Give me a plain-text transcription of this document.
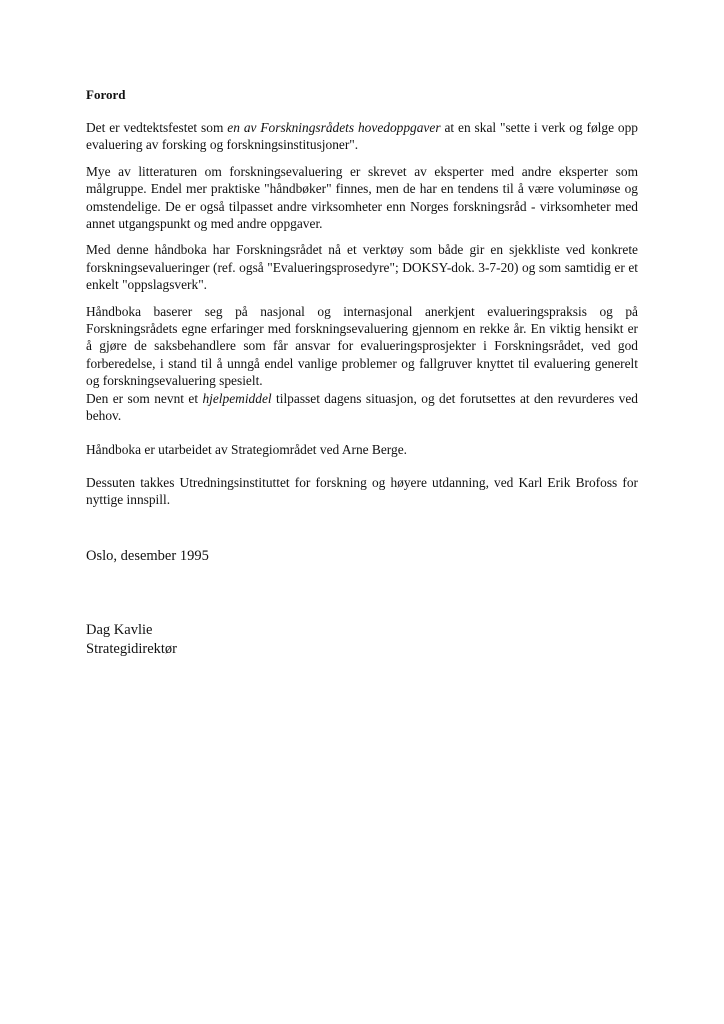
Forord

Det er vedtektsfestet som en av Forskningsrådets hovedoppgaver at en skal "sette i verk og følge opp evaluering av forsking og forskningsinstitusjoner".

Mye av litteraturen om forskningsevaluering er skrevet av eksperter med andre eksperter som målgruppe. Endel mer praktiske "håndbøker" finnes, men de har en tendens til å være voluminøse og omstendelige. De er også tilpasset andre virksomheter enn Norges forskningsråd - virksomheter med annet utgangspunkt og med andre oppgaver.

Med denne håndboka har Forskningsrådet nå et verktøy som både gir en sjekkliste ved konkrete forskningsevalueringer (ref. også "Evalueringsprosedyre"; DOKSY-dok. 3-7-20) og som samtidig er et enkelt "oppslagsverk".

Håndboka baserer seg på nasjonal og internasjonal anerkjent evalueringspraksis og på Forskningsrådets egne erfaringer med forskningsevaluering gjennom en rekke år. En viktig hensikt er å gjøre de saksbehandlere som får ansvar for evalueringsprosjekter i Forskningsrådet, ved god forberedelse, i stand til å unngå endel vanlige problemer og fallgruver knyttet til evaluering generelt og forskningsevaluering spesielt.

Den er som nevnt et hjelpemiddel tilpasset dagens situasjon, og det forutsettes at den revurderes ved behov.

Håndboka er utarbeidet av Strategiområdet ved Arne Berge.

Dessuten takkes Utredningsinstituttet for forskning og høyere utdanning, ved Karl Erik Brofoss for nyttige innspill.

Oslo, desember 1995
Dag Kavlie
Strategidirektør
